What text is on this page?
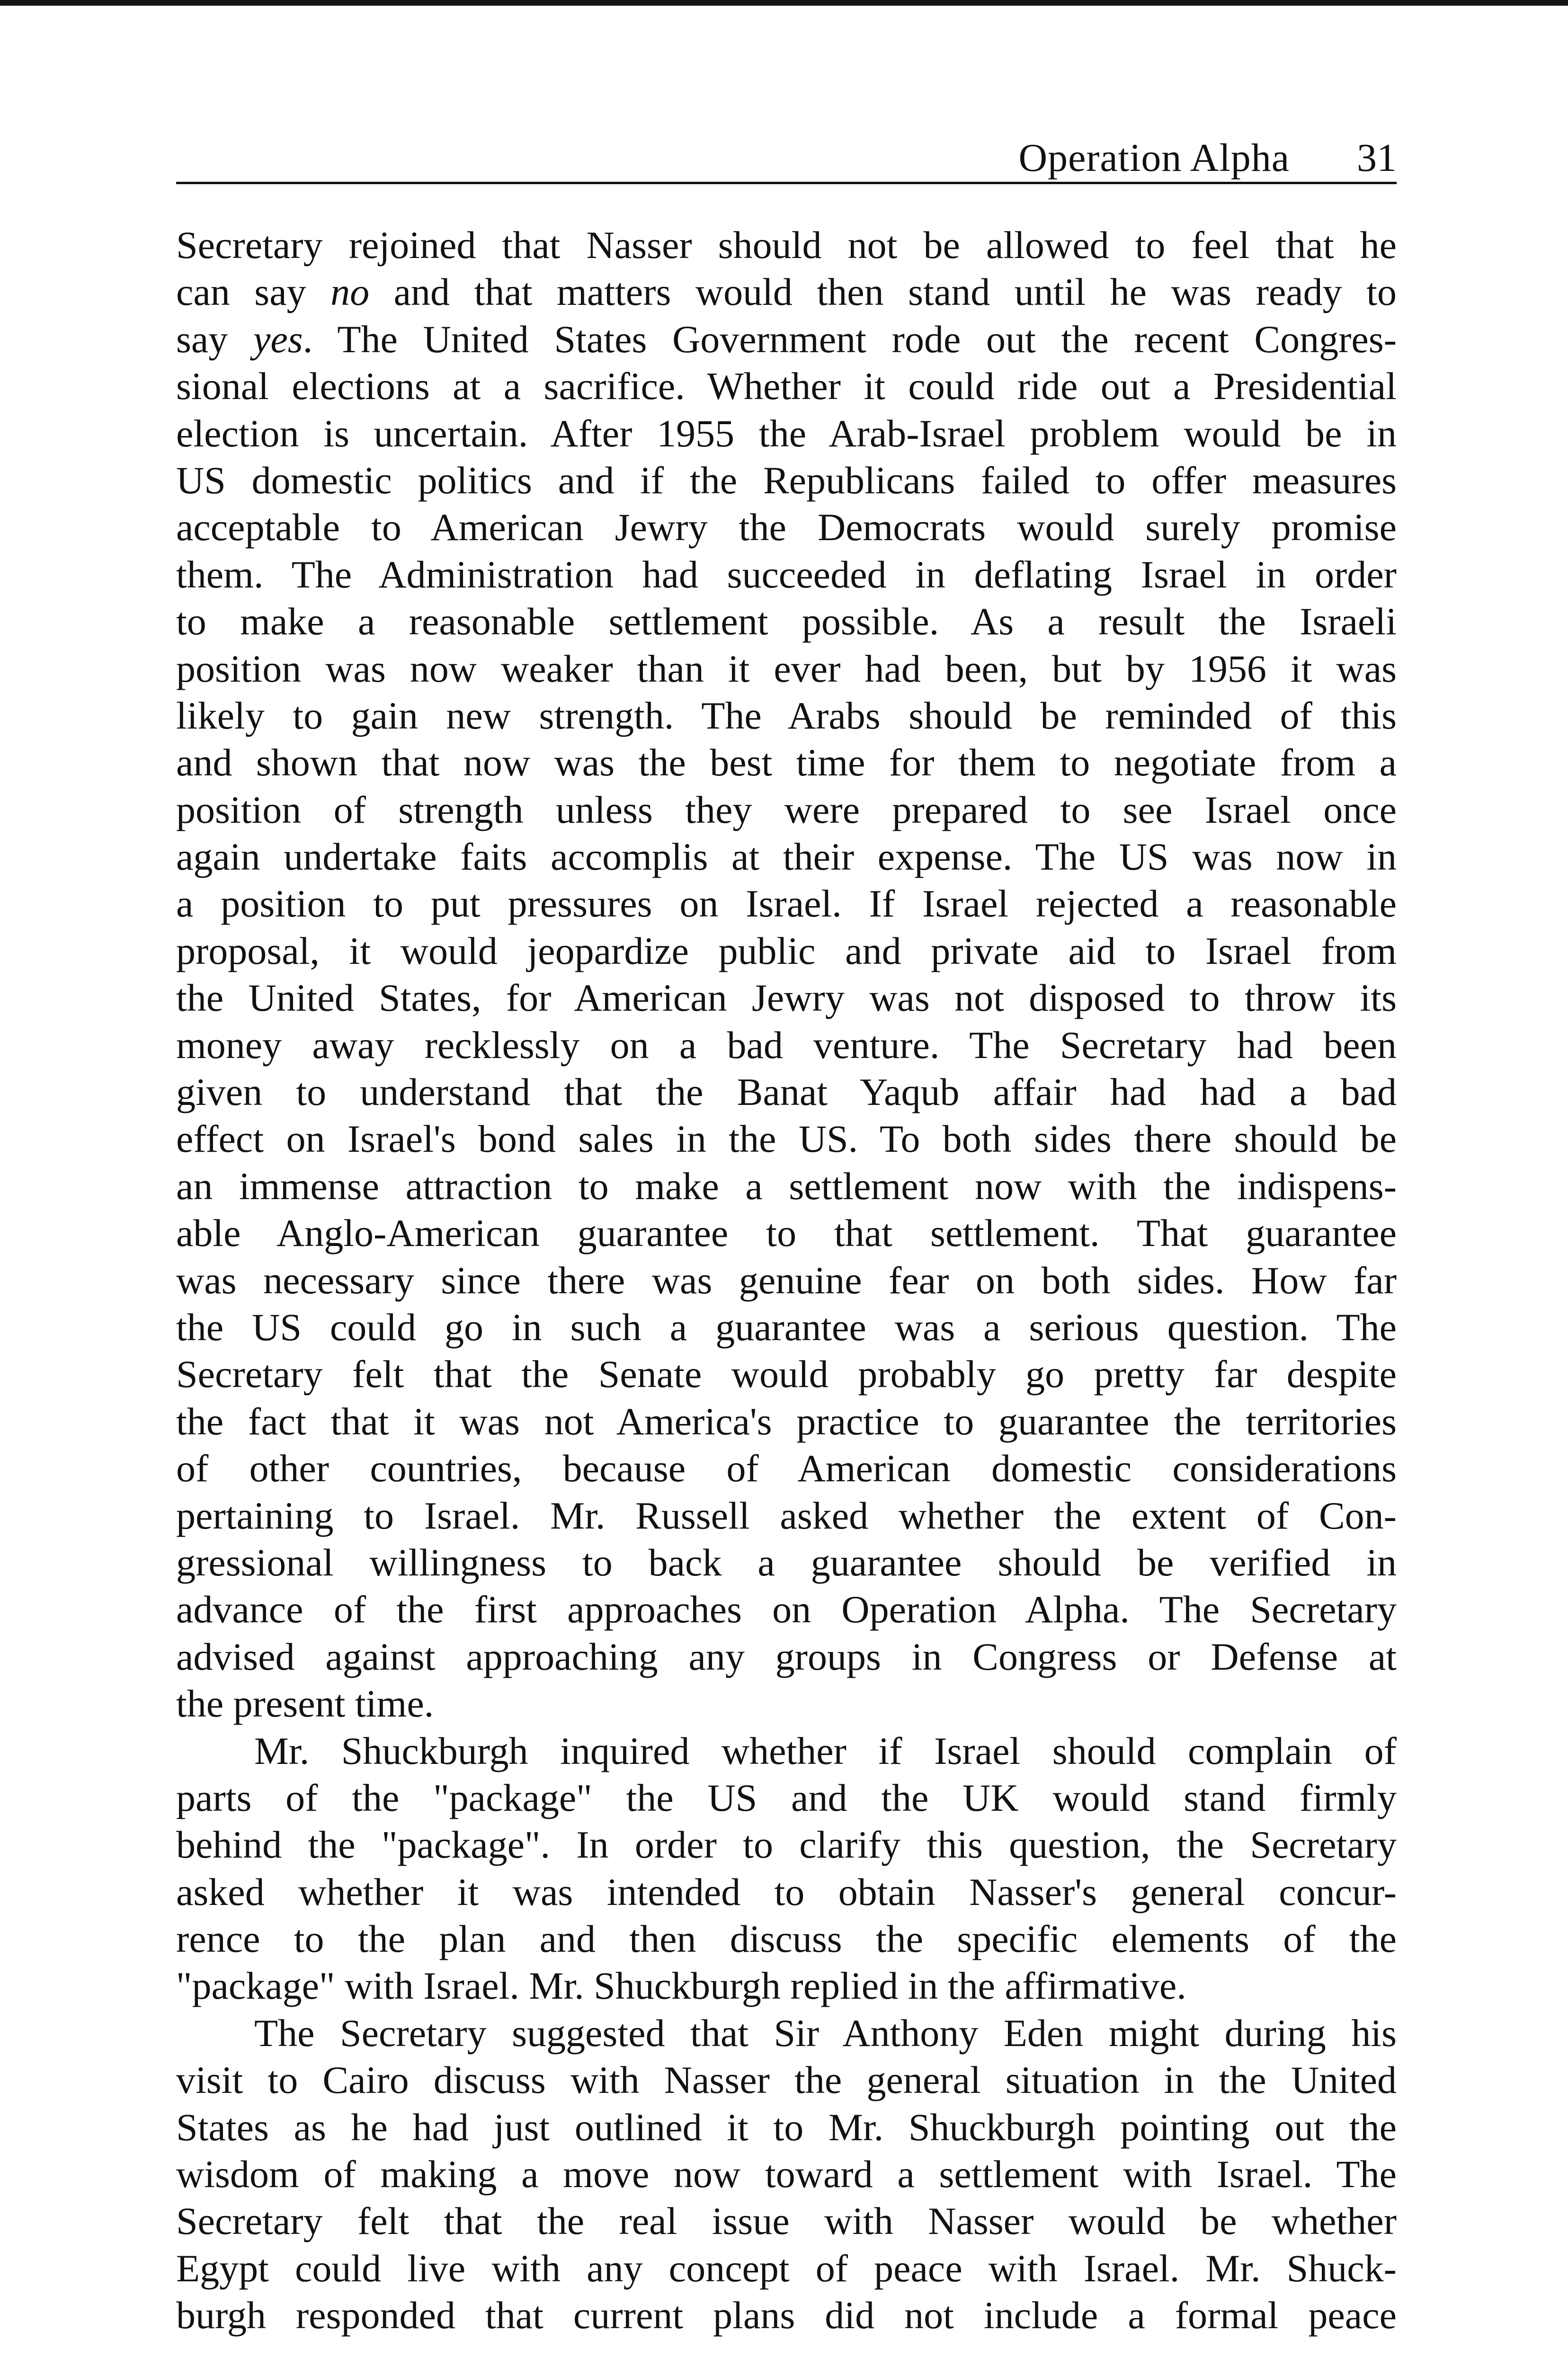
Operation Alpha 31
Secretary rejoined that Nasser should not be allowed to feel that he
can say no and that matters would then stand until he was ready to
say yes. The United States Government rode out the recent Congres-
sional elections at a sacrifice. Whether it could ride out a Presidential
election is uncertain. After 1955 the Arab-Israel problem would be in
US domestic politics and if the Republicans failed to offer measures
acceptable to American Jewry the Democrats would surely promise
them. The Administration had succeeded in deflating Israel in order
to make a reasonable settlement possible. As a result the Israeli
position was now weaker than it ever had been, but by 1956 it was
likely to gain new strength. The Arabs should be reminded of this
and shown that now was the best time for them to negotiate from a
position of strength unless they were prepared to see Israel once
again undertake faits accomplis at their expense. The US was now in
a position to put pressures on Israel. If Israel rejected a reasonable
proposal, it would jeopardize public and private aid to Israel from
the United States, for American Jewry was not disposed to throw its
money away recklessly on a bad venture. The Secretary had been
given to understand that the Banat Yaqub affair had had a bad
effect on Israel's bond sales in the US. To both sides there should be
an immense attraction to make a settlement now with the indispens-
able Anglo-American guarantee to that settlement. That guarantee
was necessary since there was genuine fear on both sides. How far
the US could go in such a guarantee was a serious question. The
Secretary felt that the Senate would probably go pretty far despite
the fact that it was not America's practice to guarantee the territories
of other countries, because of American domestic considerations
pertaining to Israel. Mr. Russell asked whether the extent of Con-
gressional willingness to back a guarantee should be verified in
advance of the first approaches on Operation Alpha. The Secretary
advised against approaching any groups in Congress or Defense at
the present time.
Mr. Shuckburgh inquired whether if Israel should complain of
parts of the "package" the US and the UK would stand firmly
behind the "package". In order to clarify this question, the Secretary
asked whether it was intended to obtain Nasser's general concur-
rence to the plan and then discuss the specific elements of the
"package" with Israel. Mr. Shuckburgh replied in the affirmative.
The Secretary suggested that Sir Anthony Eden might during his
visit to Cairo discuss with Nasser the general situation in the United
States as he had just outlined it to Mr. Shuckburgh pointing out the
wisdom of making a move now toward a settlement with Israel. The
Secretary felt that the real issue with Nasser would be whether
Egypt could live with any concept of peace with Israel. Mr. Shuck-
burgh responded that current plans did not include a formal peace
